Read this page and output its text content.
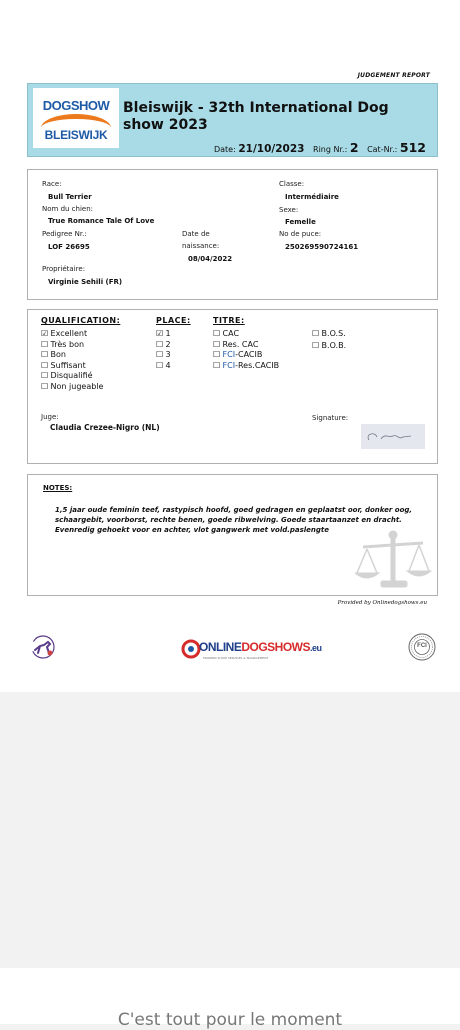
JUDGEMENT REPORT
DOGSHOW
BLEISWIJK
Bleiswijk - 32th International Dog show 2023
Date: 21/10/2023 Ring Nr.: 2 Cat-Nr.: 512
Race:
Bull Terrier
Nom du chien:
True Romance Tale Of Love
Pedigree Nr.:
LOF 26695
Date de
naissance:
08/04/2022
Classe:
Intermédiaire
Sexe:
Femelle
No de puce:
250269590724161
Propriétaire:
Virginie Sehili (FR)
QUALIFICATION:
☑ Excellent
☐ Très bon
☐ Bon
☐ Suffisant
☐ Disqualifié
☐ Non jugeable
PLACE:
☑ 1
☐ 2
☐ 3
☐ 4
TITRE:
☐ CAC
☐ Res. CAC
☐ FCI-CACIB
☐ FCI-Res.CACIB
☐ B.O.S.
☐ B.O.B.
Juge:
Claudia Crezee-Nigro (NL)
Signature:
NOTES:
1,5 jaar oude feminin teef, rastypisch hoofd, goed gedragen en geplaatst oor, donker oog, schaargebit, voorborst, rechte benen, goede ribwelving. Goede staartaanzet en dracht. Evenredig gehoekt voor en achter, vlot gangwerk met vold.paslengte
Provided by Onlinedogshows.eu
ONLINEDOGSHOWS.eu
MODERN SHOW SERVICES & MANAGEMENT
FCI
C'est tout pour le moment
